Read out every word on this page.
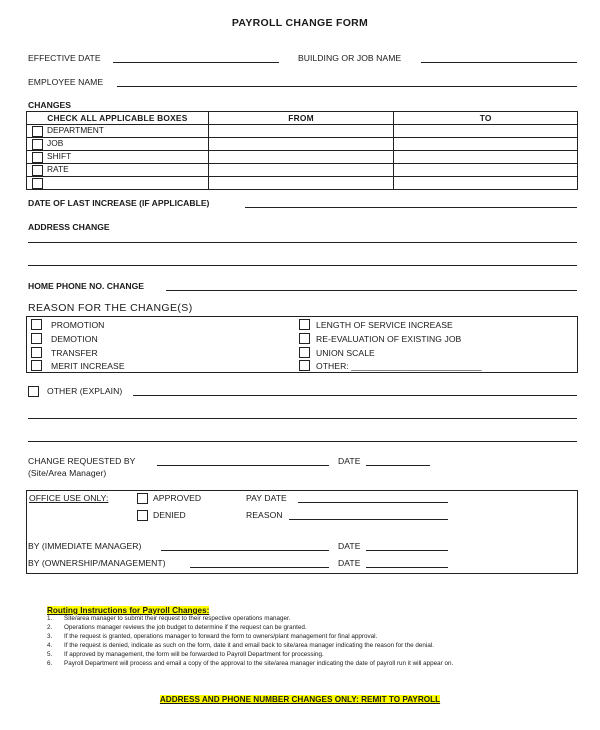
PAYROLL CHANGE FORM
EFFECTIVE DATE	BUILDING OR JOB NAME
EMPLOYEE NAME
CHANGES
CHECK ALL APPLICABLE BOXES	FROM	TO
DEPARTMENT		
JOB		
SHIFT		
RATE		

DATE OF LAST INCREASE (IF APPLICABLE)
ADDRESS CHANGE
HOME PHONE NO. CHANGE
REASON FOR THE CHANGE(S)
PROMOTION
DEMOTION
TRANSFER
MERIT INCREASE
LENGTH OF SERVICE INCREASE
RE-EVALUATION OF EXISTING JOB
UNION SCALE
OTHER: ___________________________
OTHER (EXPLAIN)
CHANGE REQUESTED BY
(Site/Area Manager)
DATE
OFFICE USE ONLY:	APPROVED
DENIED
PAY DATE
REASON
BY (IMMEDIATE MANAGER)	DATE
BY (OWNERSHIP/MANAGEMENT)	DATE
Routing Instructions for Payroll Changes:
1. Site/area manager to submit their request to their respective operations manager.
2. Operations manager reviews the job budget to determine if the request can be granted.
3. If the request is granted, operations manager to forward the form to owners/plant management for final approval.
4. If the request is denied, indicate as such on the form, date it and email back to site/area manager indicating the reason for the denial.
5. If approved by management, the form will be forwarded to Payroll Department for processing.
6. Payroll Department will process and email a copy of the approval to the site/area manager indicating the date of payroll run it will appear on.
ADDRESS AND PHONE NUMBER CHANGES ONLY: REMIT TO PAYROLL
